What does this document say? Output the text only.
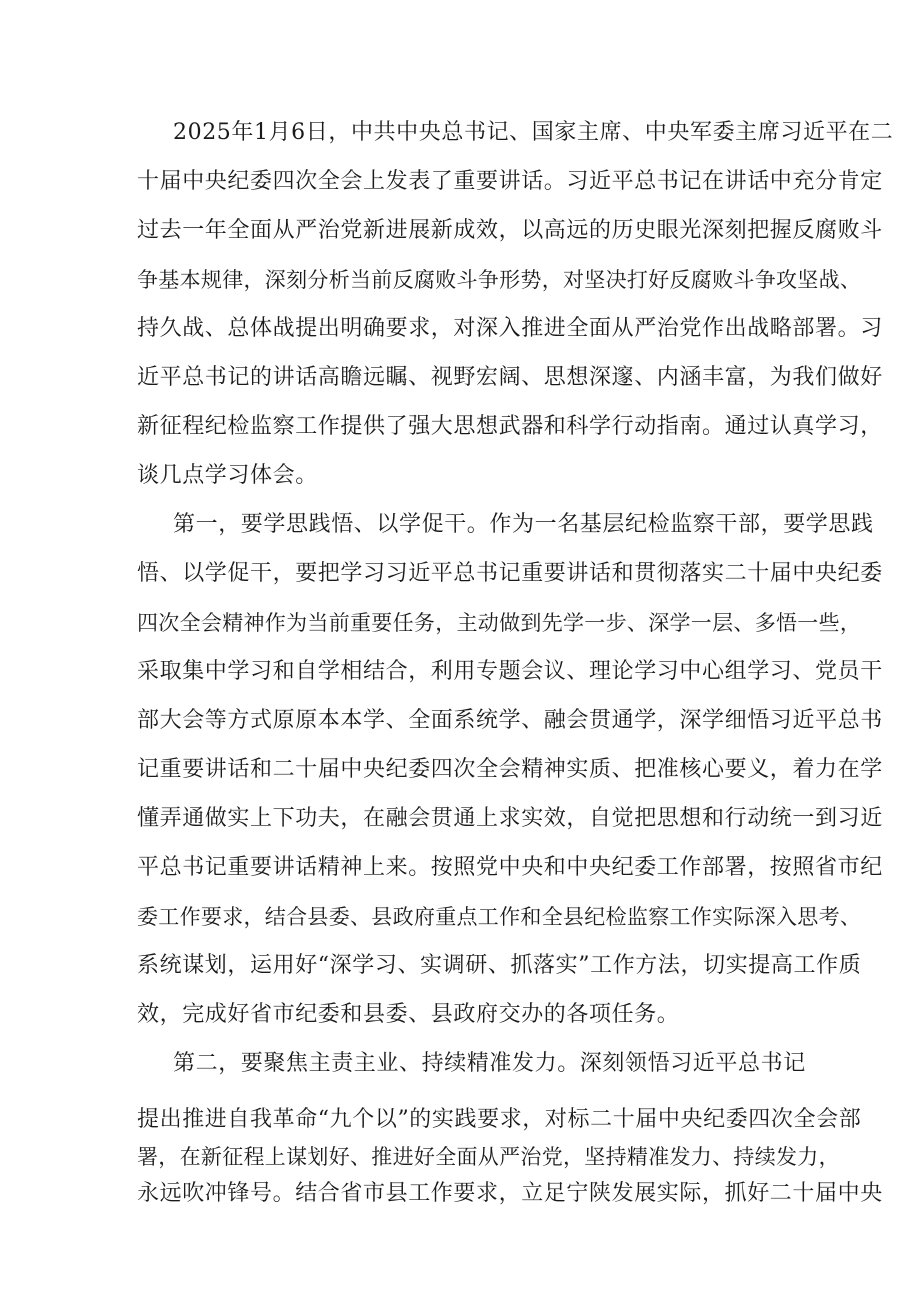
2025年1月6日，中共中央总书记、国家主席、中央军委主席习近平在二
十届中央纪委四次全会上发表了重要讲话。习近平总书记在讲话中充分肯定
过去一年全面从严治党新进展新成效，以高远的历史眼光深刻把握反腐败斗
争基本规律，深刻分析当前反腐败斗争形势，对坚决打好反腐败斗争攻坚战、
持久战、总体战提出明确要求，对深入推进全面从严治党作出战略部署。习
近平总书记的讲话高瞻远瞩、视野宏阔、思想深邃、内涵丰富，为我们做好
新征程纪检监察工作提供了强大思想武器和科学行动指南。通过认真学习，
谈几点学习体会。
第一，要学思践悟、以学促干。作为一名基层纪检监察干部，要学思践
悟、以学促干，要把学习习近平总书记重要讲话和贯彻落实二十届中央纪委
四次全会精神作为当前重要任务，主动做到先学一步、深学一层、多悟一些，
采取集中学习和自学相结合，利用专题会议、理论学习中心组学习、党员干
部大会等方式原原本本学、全面系统学、融会贯通学，深学细悟习近平总书
记重要讲话和二十届中央纪委四次全会精神实质、把准核心要义，着力在学
懂弄通做实上下功夫，在融会贯通上求实效，自觉把思想和行动统一到习近
平总书记重要讲话精神上来。按照党中央和中央纪委工作部署，按照省市纪
委工作要求，结合县委、县政府重点工作和全县纪检监察工作实际深入思考、
系统谋划，运用好“深学习、实调研、抓落实”工作方法，切实提高工作质
效，完成好省市纪委和县委、县政府交办的各项任务。
第二，要聚焦主责主业、持续精准发力。深刻领悟习近平总书记
提出推进自我革命“九个以”的实践要求，对标二十届中央纪委四次全会部
署，在新征程上谋划好、推进好全面从严治党，坚持精准发力、持续发力，
永远吹冲锋号。结合省市县工作要求，立足宁陕发展实际，抓好二十届中央
